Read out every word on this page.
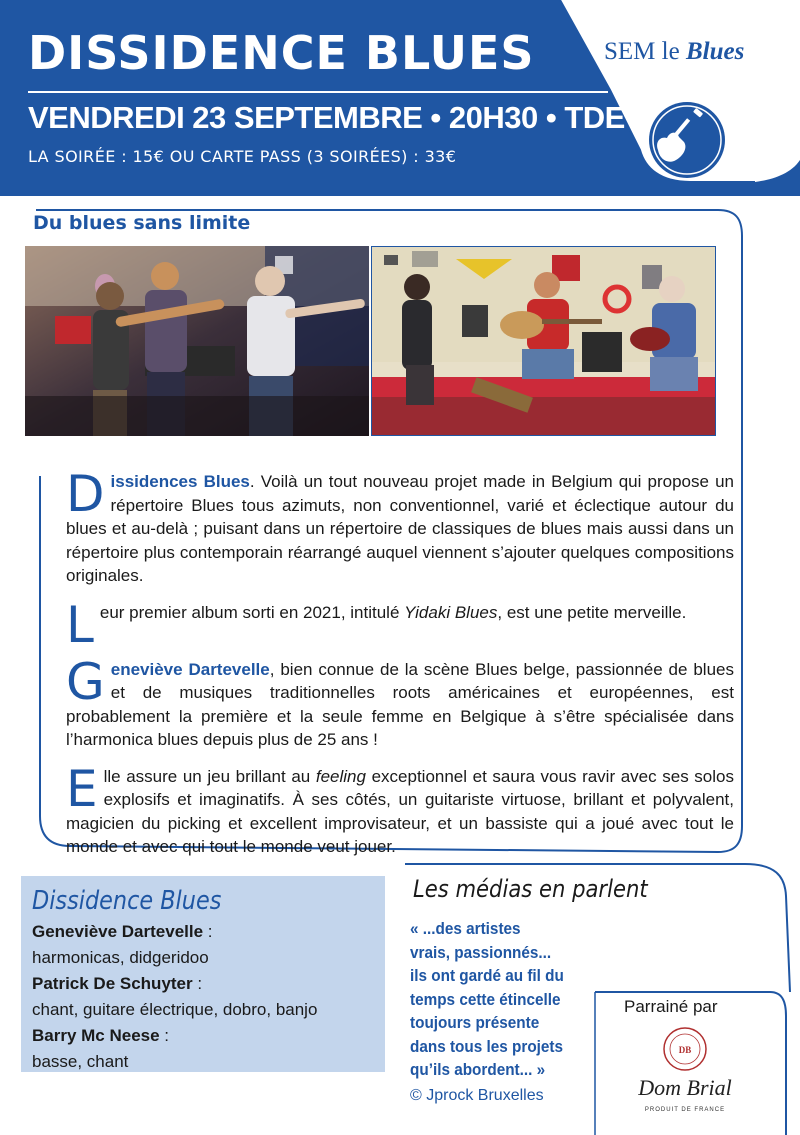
SEM le Blues
DISSIDENCE BLUES
VENDREDI 23 SEPTEMBRE • 20H30 • TDE
LA SOIRÉE : 15€ OU CARTE PASS (3 SOIRÉES) : 33€
Du blues sans limite

Dissidences Blues. Voilà un tout nouveau projet made in Belgium qui propose un répertoire Blues tous azimuts, non conventionnel, varié et éclectique autour du blues et au-delà ; puisant dans un répertoire de classiques de blues mais aussi dans un répertoire plus contemporain réarrangé auquel viennent s’ajouter quelques compositions originales.

Leur premier album sorti en 2021, intitulé Yidaki Blues, est une petite merveille.

Geneviève Dartevelle, bien connue de la scène Blues belge, passionnée de blues et de musiques traditionnelles roots américaines et européennes, est probablement la première et la seule femme en Belgique à s’être spécialisée dans l’harmonica blues depuis plus de 25 ans !

Elle assure un jeu brillant au feeling exceptionnel et saura vous ravir avec ses solos explosifs et imaginatifs. À ses côtés, un guitariste virtuose, brillant et polyvalent, magicien du picking et excellent improvisateur, et un bassiste qui a joué avec tout le monde et avec qui tout le monde veut jouer.

Dissidence Blues
Geneviève Dartevelle :
harmonicas, didgeridoo
Patrick De Schuyter :
chant, guitare électrique, dobro, banjo
Barry Mc Neese :
basse, chant
Les médias en parlent
« ...des artistes
vrais, passionnés...
ils ont gardé au fil du
temps cette étincelle
toujours présente
dans tous les projets
qu’ils abordent... »
© Jprock Bruxelles
Parrainé par
DB
Dom Brial
PRODUIT DE FRANCE
